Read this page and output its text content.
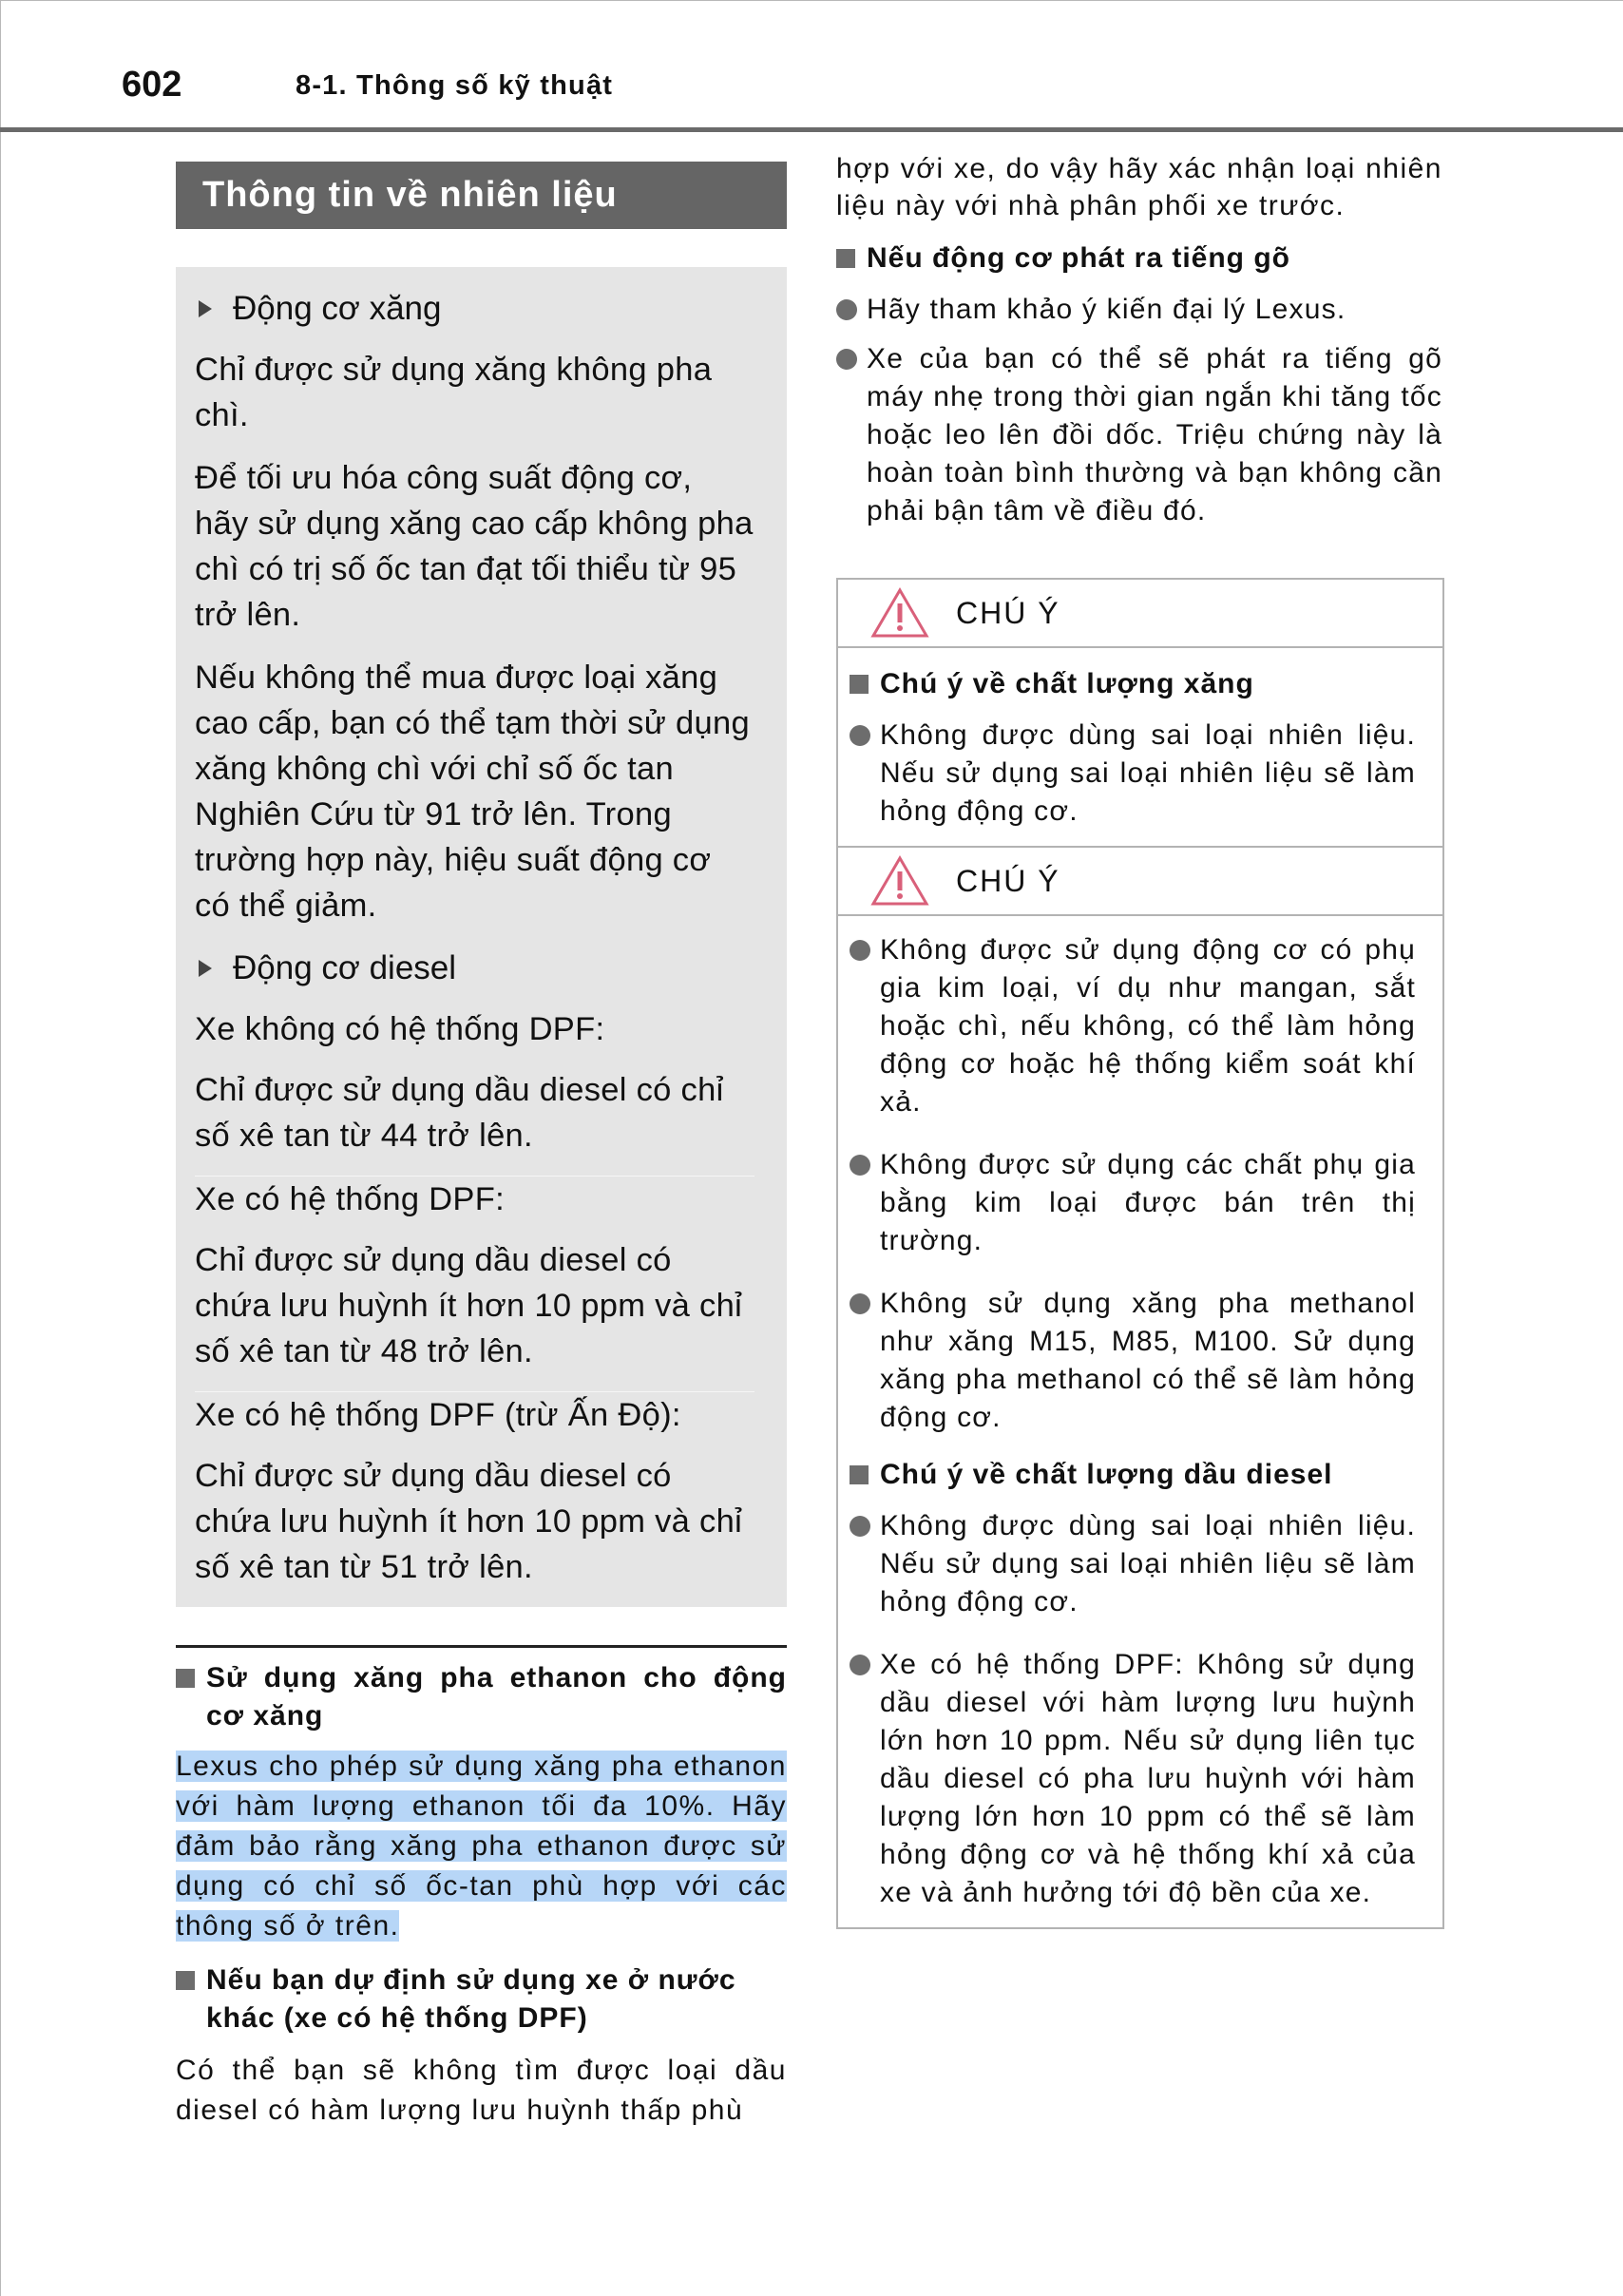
602	8-1. Thông số kỹ thuật
Thông tin về nhiên liệu
Động cơ xăng
Chỉ được sử dụng xăng không pha chì.
Để tối ưu hóa công suất động cơ, hãy sử dụng xăng cao cấp không pha chì có trị số ốc tan đạt tối thiểu từ 95 trở lên.
Nếu không thể mua được loại xăng cao cấp, bạn có thể tạm thời sử dụng xăng không chì với chỉ số ốc tan Nghiên Cứu từ 91 trở lên. Trong trường hợp này, hiệu suất động cơ có thể giảm.
Động cơ diesel
Xe không có hệ thống DPF:
Chỉ được sử dụng dầu diesel có chỉ số xê tan từ 44 trở lên.
Xe có hệ thống DPF:
Chỉ được sử dụng dầu diesel có chứa lưu huỳnh ít hơn 10 ppm và chỉ số xê tan từ 48 trở lên.
Xe có hệ thống DPF (trừ Ấn Độ):
Chỉ được sử dụng dầu diesel có chứa lưu huỳnh ít hơn 10 ppm và chỉ số xê tan từ 51 trở lên.
Sử dụng xăng pha ethanon cho động cơ xăng
Lexus cho phép sử dụng xăng pha ethanon với hàm lượng ethanon tối đa 10%. Hãy đảm bảo rằng xăng pha ethanon được sử dụng có chỉ số ốc-tan phù hợp với các thông số ở trên.
Nếu bạn dự định sử dụng xe ở nước khác (xe có hệ thống DPF)
Có thể bạn sẽ không tìm được loại dầu diesel có hàm lượng lưu huỳnh thấp phù
hợp với xe, do vậy hãy xác nhận loại nhiên liệu này với nhà phân phối xe trước.
Nếu động cơ phát ra tiếng gõ
Hãy tham khảo ý kiến đại lý Lexus.
Xe của bạn có thể sẽ phát ra tiếng gõ máy nhẹ trong thời gian ngắn khi tăng tốc hoặc leo lên đồi dốc. Triệu chứng này là hoàn toàn bình thường và bạn không cần phải bận tâm về điều đó.
CHÚ Ý
Chú ý về chất lượng xăng
Không được dùng sai loại nhiên liệu. Nếu sử dụng sai loại nhiên liệu sẽ làm hỏng động cơ.
CHÚ Ý
Không được sử dụng động cơ có phụ gia kim loại, ví dụ như mangan, sắt hoặc chì, nếu không, có thể làm hỏng động cơ hoặc hệ thống kiểm soát khí xả.
Không được sử dụng các chất phụ gia bằng kim loại được bán trên thị trường.
Không sử dụng xăng pha methanol như xăng M15, M85, M100. Sử dụng xăng pha methanol có thể sẽ làm hỏng động cơ.
Chú ý về chất lượng dầu diesel
Không được dùng sai loại nhiên liệu. Nếu sử dụng sai loại nhiên liệu sẽ làm hỏng động cơ.
Xe có hệ thống DPF: Không sử dụng dầu diesel với hàm lượng lưu huỳnh lớn hơn 10 ppm. Nếu sử dụng liên tục dầu diesel có pha lưu huỳnh với hàm lượng lớn hơn 10 ppm có thể sẽ làm hỏng động cơ và hệ thống khí xả của xe và ảnh hưởng tới độ bền của xe.
